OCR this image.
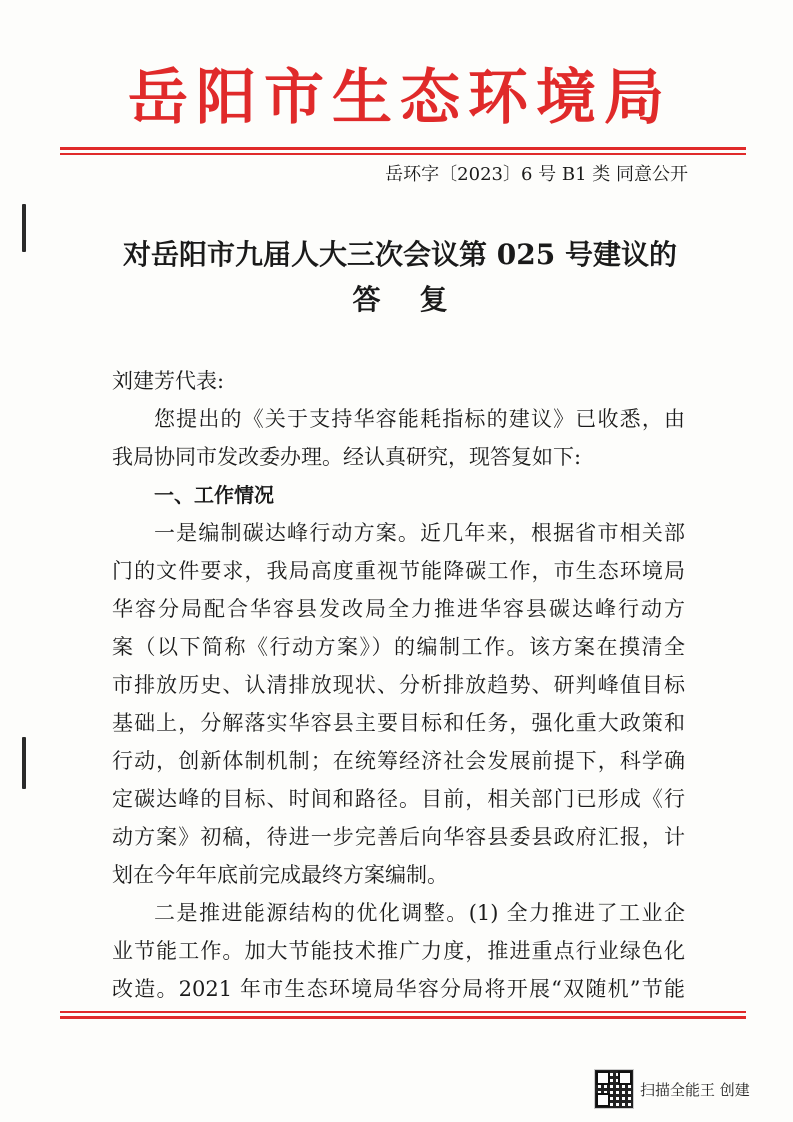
岳阳市生态环境局
岳环字〔2023〕6 号 B1 类 同意公开
对岳阳市九届人大三次会议第 025 号建议的
答    复
刘建芳代表:
您提出的《关于支持华容能耗指标的建议》已收悉，由
我局协同市发改委办理。经认真研究，现答复如下:
一、工作情况
一是编制碳达峰行动方案。近几年来，根据省市相关部
门的文件要求，我局高度重视节能降碳工作，市生态环境局
华容分局配合华容县发改局全力推进华容县碳达峰行动方
案（以下简称《行动方案》）的编制工作。该方案在摸清全
市排放历史、认清排放现状、分析排放趋势、研判峰值目标
基础上，分解落实华容县主要目标和任务，强化重大政策和
行动，创新体制机制；在统筹经济社会发展前提下，科学确
定碳达峰的目标、时间和路径。目前，相关部门已形成《行
动方案》初稿，待进一步完善后向华容县委县政府汇报，计
划在今年年底前完成最终方案编制。
二是推进能源结构的优化调整。(1) 全力推进了工业企
业节能工作。加大节能技术推广力度，推进重点行业绿色化
改造。2021 年市生态环境局华容分局将开展“双随机”节能
扫描全能王 创建
